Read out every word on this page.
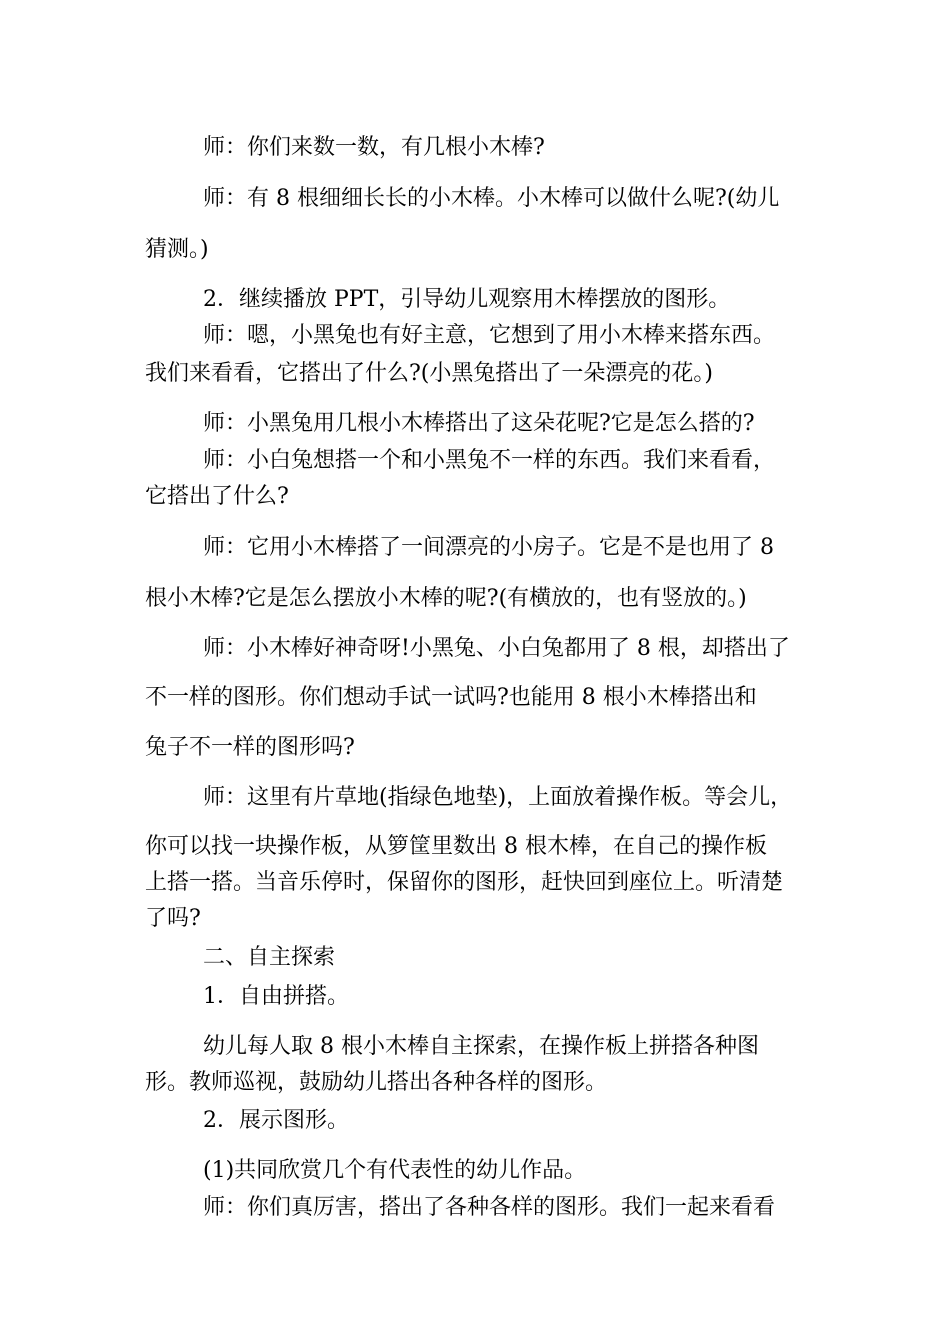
师：你们来数一数，有几根小木棒?
师：有 8 根细细长长的小木棒。小木棒可以做什么呢?(幼儿
猜测。)
2．继续播放 PPT，引导幼儿观察用木棒摆放的图形。
师：嗯，小黑兔也有好主意，它想到了用小木棒来搭东西。
我们来看看，它搭出了什么?(小黑兔搭出了一朵漂亮的花。)
师：小黑兔用几根小木棒搭出了这朵花呢?它是怎么搭的?
师：小白兔想搭一个和小黑兔不一样的东西。我们来看看，
它搭出了什么?
师：它用小木棒搭了一间漂亮的小房子。它是不是也用了 8
根小木棒?它是怎么摆放小木棒的呢?(有横放的，也有竖放的。)
师：小木棒好神奇呀!小黑兔、小白兔都用了 8 根，却搭出了
不一样的图形。你们想动手试一试吗?也能用 8 根小木棒搭出和
兔子不一样的图形吗?
师：这里有片草地(指绿色地垫)，上面放着操作板。等会儿，
你可以找一块操作板，从箩筐里数出 8 根木棒，在自己的操作板
上搭一搭。当音乐停时，保留你的图形，赶快回到座位上。听清楚
了吗?
二、自主探索
1．自由拼搭。
幼儿每人取 8 根小木棒自主探索，在操作板上拼搭各种图
形。教师巡视，鼓励幼儿搭出各种各样的图形。
2．展示图形。
(1)共同欣赏几个有代表性的幼儿作品。
师：你们真厉害，搭出了各种各样的图形。我们一起来看看
